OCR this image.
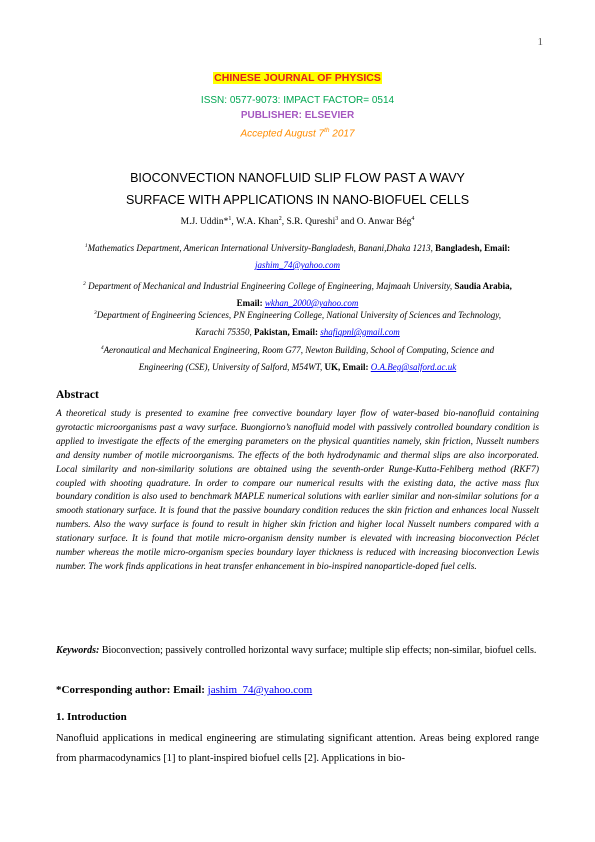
1
CHINESE JOURNAL OF PHYSICS
ISSN: 0577-9073: IMPACT FACTOR= 0514
PUBLISHER: ELSEVIER
Accepted August 7th 2017
BIOCONVECTION NANOFLUID SLIP FLOW PAST A WAVY
SURFACE WITH APPLICATIONS IN NANO-BIOFUEL CELLS
M.J. Uddin*$^1$, W.A. Khan$^2$, S.R. Qureshi$^3$ and O. Anwar Bég$^4$
$^1$Mathematics Department, American International University-Bangladesh, Banani,Dhaka 1213, Bangladesh, Email:
jashim_74@yahoo.com
$^2$ Department of Mechanical and Industrial Engineering College of Engineering, Majmaah University, Saudia Arabia,
Email: wkhan_2000@yahoo.com
$^3$Department of Engineering Sciences, PN Engineering College, National University of Sciences and Technology,
Karachi 75350, Pakistan, Email: shafiqpnl@gmail.com
$^4$Aeronautical and Mechanical Engineering, Room G77, Newton Building, School of Computing, Science and
Engineering (CSE), University of Salford, M54WT, UK, Email: O.A.Beg@salford.ac.uk
Abstract

A theoretical study is presented to examine free convective boundary layer flow of water-based bio-nanofluid containing gyrotactic microorganisms past a wavy surface. Buongiorno’s nanofluid model with passively controlled boundary condition is applied to investigate the effects of the emerging parameters on the physical quantities namely, skin friction, Nusselt numbers and density number of motile microorganisms. The effects of the both hydrodynamic and thermal slips are also incorporated. Local similarity and non-similarity solutions are obtained using the seventh-order Runge-Kutta-Fehlberg method (RKF7) coupled with shooting quadrature. In order to compare our numerical results with the existing data, the active mass flux boundary condition is also used to benchmark MAPLE numerical solutions with earlier similar and non-similar solutions for a smooth stationary surface. It is found that the passive boundary condition reduces the skin friction and enhances local Nusselt numbers. Also the wavy surface is found to result in higher skin friction and higher local Nusselt numbers compared with a stationary surface. It is found that motile micro-organism density number is elevated with increasing bioconvection Péclet number whereas the motile micro-organism species boundary layer thickness is reduced with increasing bioconvection Lewis number. The work finds applications in heat transfer enhancement in bio-inspired nanoparticle-doped fuel cells.

Keywords: Bioconvection; passively controlled horizontal wavy surface; multiple slip effects; non-similar, biofuel cells.
*Corresponding author: Email: jashim_74@yahoo.com
1. Introduction

Nanofluid applications in medical engineering are stimulating significant attention. Areas being explored range from pharmacodynamics [1] to plant-inspired biofuel cells [2]. Applications in bio-
